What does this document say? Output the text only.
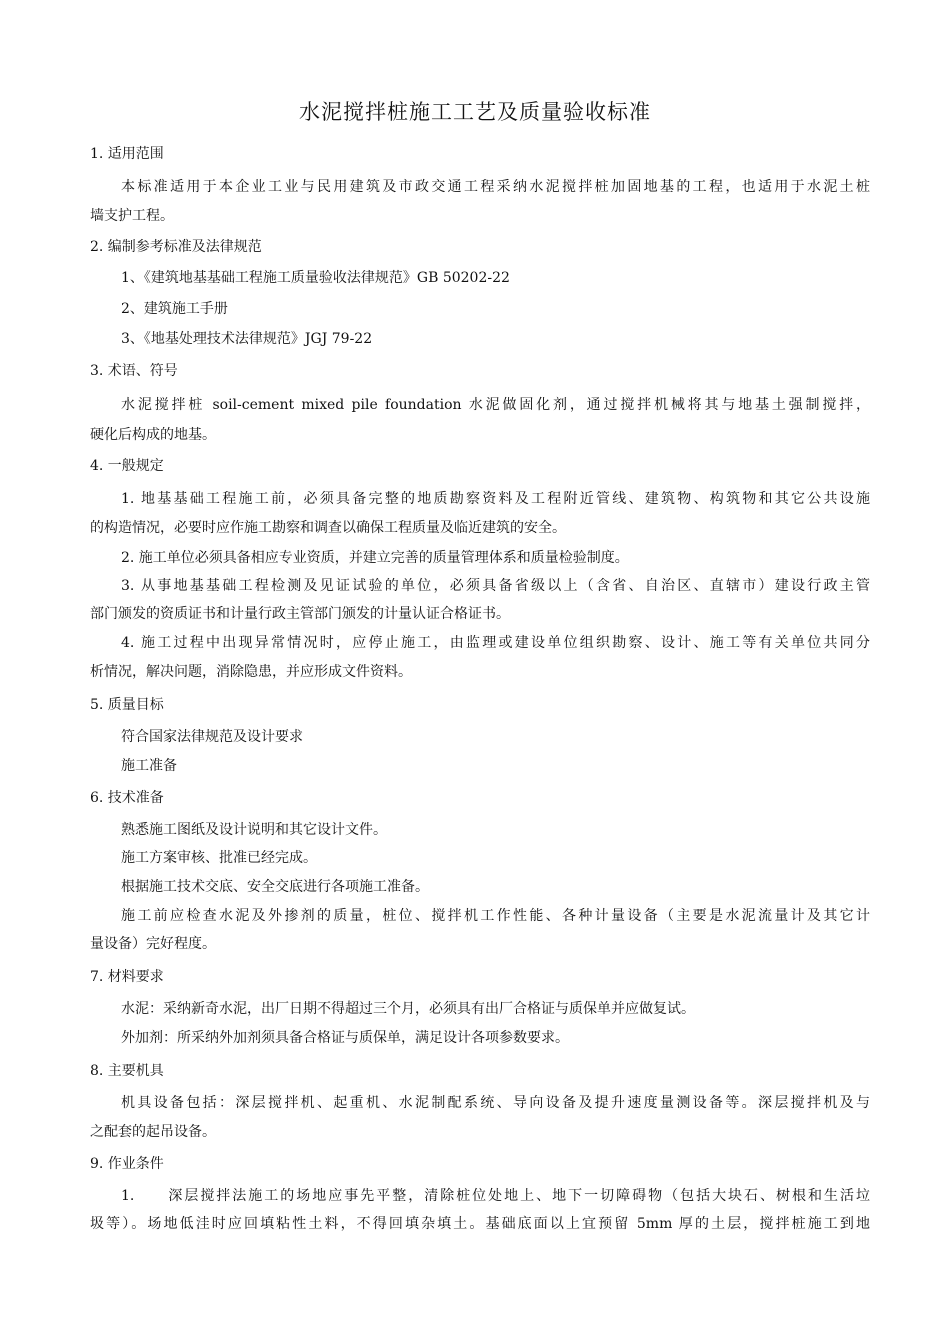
水泥搅拌桩施工工艺及质量验收标准
1. 适用范围
本标准适用于本企业工业与民用建筑及市政交通工程采纳水泥搅拌桩加固地基的工程，也适用于水泥土桩
墙支护工程。
2. 编制参考标准及法律规范
1、《建筑地基基础工程施工质量验收法律规范》GB 50202-22
2、建筑施工手册
3、《地基处理技术法律规范》JGJ 79-22
3. 术语、符号
水泥搅拌桩 soil-cement mixed pile foundation 水泥做固化剂，通过搅拌机械将其与地基土强制搅拌，
硬化后构成的地基。
4. 一般规定
1. 地基基础工程施工前，必须具备完整的地质勘察资料及工程附近管线、建筑物、构筑物和其它公共设施
的构造情况，必要时应作施工勘察和调查以确保工程质量及临近建筑的安全。
2. 施工单位必须具备相应专业资质，并建立完善的质量管理体系和质量检验制度。
3. 从事地基基础工程检测及见证试验的单位，必须具备省级以上（含省、自治区、直辖市）建设行政主管
部门颁发的资质证书和计量行政主管部门颁发的计量认证合格证书。
4. 施工过程中出现异常情况时，应停止施工，由监理或建设单位组织勘察、设计、施工等有关单位共同分
析情况，解决问题，消除隐患，并应形成文件资料。
5. 质量目标
符合国家法律规范及设计要求
施工准备
6. 技术准备
熟悉施工图纸及设计说明和其它设计文件。
施工方案审核、批准已经完成。
根据施工技术交底、安全交底进行各项施工准备。
施工前应检查水泥及外掺剂的质量，桩位、搅拌机工作性能、各种计量设备（主要是水泥流量计及其它计
量设备）完好程度。
7. 材料要求
水泥：采纳新奇水泥，出厂日期不得超过三个月，必须具有出厂合格证与质保单并应做复试。
外加剂：所采纳外加剂须具备合格证与质保单，满足设计各项参数要求。
8. 主要机具
机具设备包括：深层搅拌机、起重机、水泥制配系统、导向设备及提升速度量测设备等。深层搅拌机及与
之配套的起吊设备。
9. 作业条件
1.　　深层搅拌法施工的场地应事先平整，清除桩位处地上、地下一切障碍物（包括大块石、树根和生活垃
圾等）。场地低洼时应回填粘性土料，不得回填杂填土。基础底面以上宜预留 5mm 厚的土层，搅拌桩施工到地
